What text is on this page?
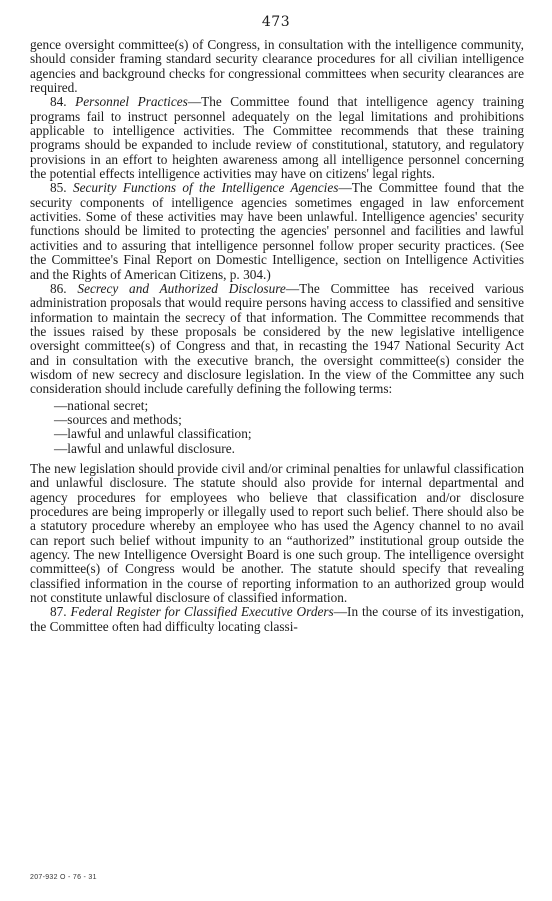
473

gence oversight committee(s) of Congress, in consultation with the intelligence community, should consider framing standard security clearance procedures for all civilian intelligence agencies and background checks for congressional committees when security clearances are required.

84. Personnel Practices—The Committee found that intelligence agency training programs fail to instruct personnel adequately on the legal limitations and prohibitions applicable to intelligence activities. The Committee recommends that these training programs should be expanded to include review of constitutional, statutory, and regulatory provisions in an effort to heighten awareness among all intelligence personnel concerning the potential effects intelligence activities may have on citizens' legal rights.

85. Security Functions of the Intelligence Agencies—The Committee found that the security components of intelligence agencies sometimes engaged in law enforcement activities. Some of these activities may have been unlawful. Intelligence agencies' security functions should be limited to protecting the agencies' personnel and facilities and lawful activities and to assuring that intelligence personnel follow proper security practices. (See the Committee's Final Report on Domestic Intelligence, section on Intelligence Activities and the Rights of American Citizens, p. 304.)

86. Secrecy and Authorized Disclosure—The Committee has received various administration proposals that would require persons having access to classified and sensitive information to maintain the secrecy of that information. The Committee recommends that the issues raised by these proposals be considered by the new legislative intelligence oversight committee(s) of Congress and that, in recasting the 1947 National Security Act and in consultation with the executive branch, the oversight committee(s) consider the wisdom of new secrecy and disclosure legislation. In the view of the Committee any such consideration should include carefully defining the following terms:

—national secret;
—sources and methods;
—lawful and unlawful classification;
—lawful and unlawful disclosure.

The new legislation should provide civil and/or criminal penalties for unlawful classification and unlawful disclosure. The statute should also provide for internal departmental and agency procedures for employees who believe that classification and/or disclosure procedures are being improperly or illegally used to report such belief. There should also be a statutory procedure whereby an employee who has used the Agency channel to no avail can report such belief without impunity to an “authorized” institutional group outside the agency. The new Intelligence Oversight Board is one such group. The intelligence oversight committee(s) of Congress would be another. The statute should specify that revealing classified information in the course of reporting information to an authorized group would not constitute unlawful disclosure of classified information.

87. Federal Register for Classified Executive Orders—In the course of its investigation, the Committee often had difficulty locating classi-

207-932 O - 76 - 31
